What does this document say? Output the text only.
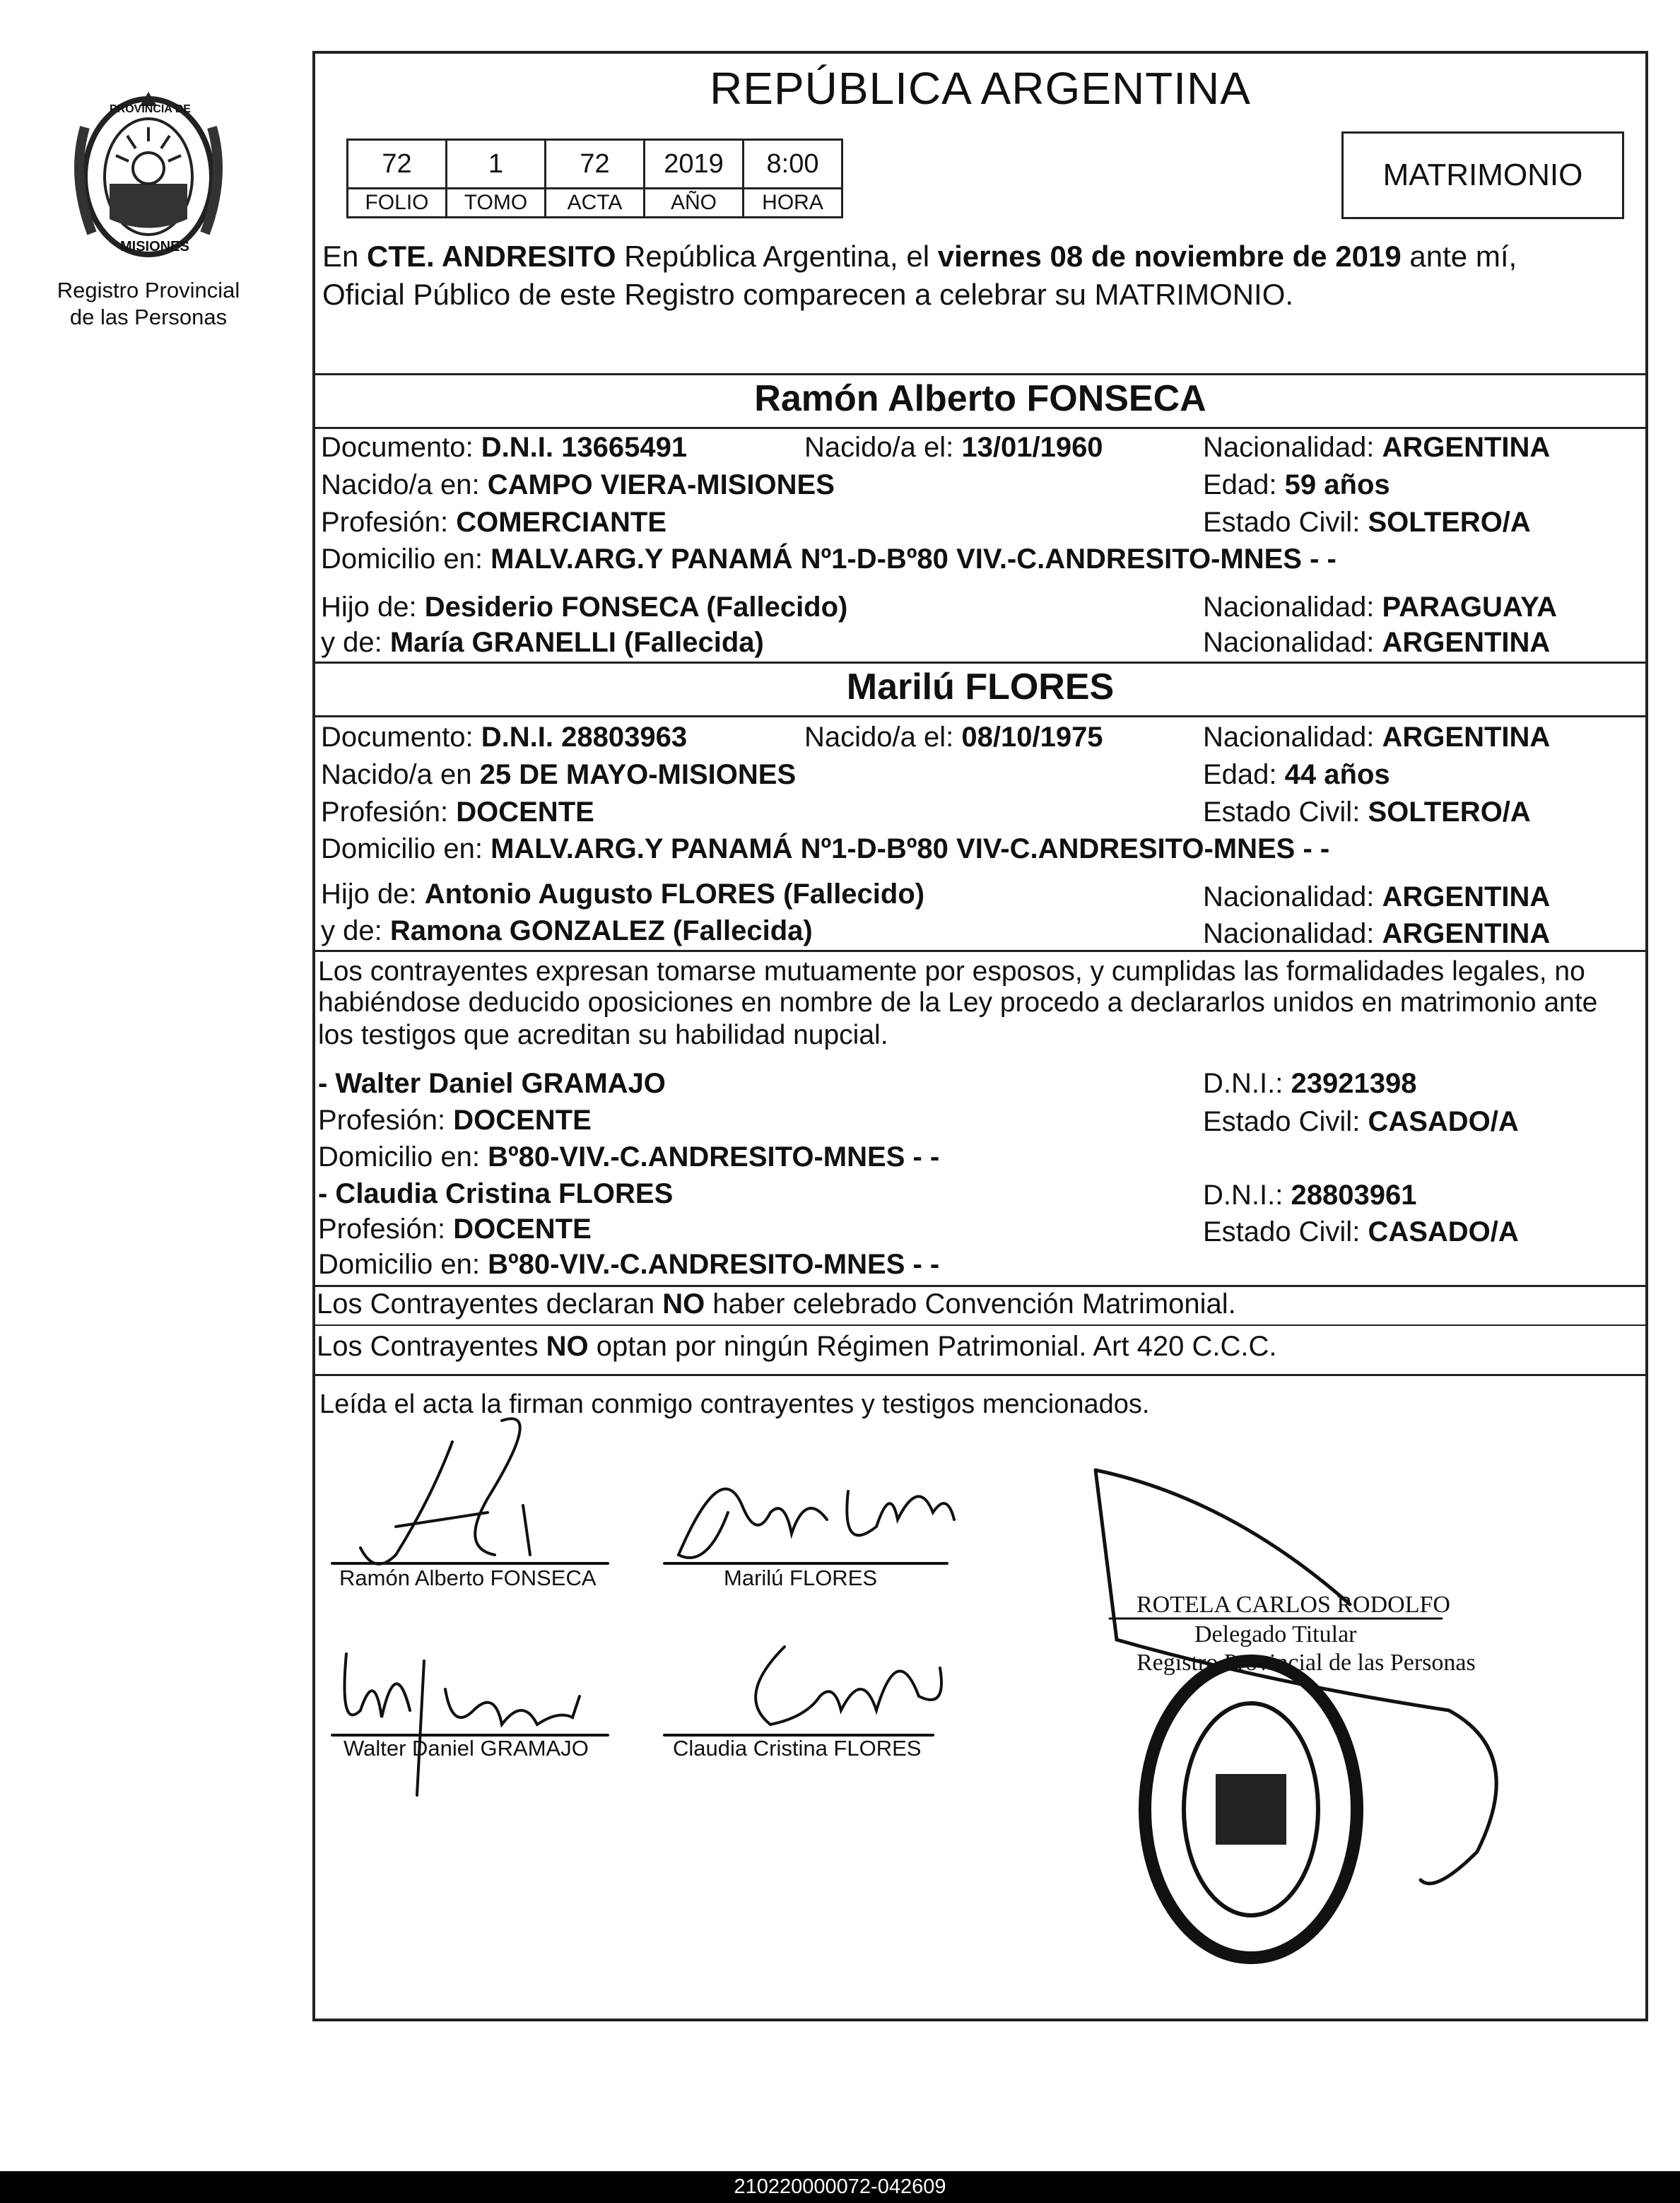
PROVINCIA DE
MISIONES
Registro Provincial
de las Personas
REPÚBLICA ARGENTINA
72	1	72	2019	8:00
FOLIO	TOMO	ACTA	AÑO	HORA
MATRIMONIO
En CTE. ANDRESITO República Argentina, el viernes 08 de noviembre de 2019 ante mí,
Oficial Público de este Registro comparecen a celebrar su MATRIMONIO.
Ramón Alberto FONSECA
Documento: D.N.I. 13665491	Nacido/a el: 13/01/1960	Nacionalidad: ARGENTINA
Nacido/a en: CAMPO VIERA-MISIONES	Edad: 59 años
Profesión: COMERCIANTE	Estado Civil: SOLTERO/A
Domicilio en: MALV.ARG.Y PANAMÁ Nº1-D-Bº80 VIV.-C.ANDRESITO-MNES - -
Hijo de: Desiderio FONSECA (Fallecido)	Nacionalidad: PARAGUAYA
y de: María GRANELLI (Fallecida)	Nacionalidad: ARGENTINA
Marilú FLORES
Documento: D.N.I. 28803963	Nacido/a el: 08/10/1975	Nacionalidad: ARGENTINA
Nacido/a en 25 DE MAYO-MISIONES	Edad: 44 años
Profesión: DOCENTE	Estado Civil: SOLTERO/A
Domicilio en: MALV.ARG.Y PANAMÁ Nº1-D-Bº80 VIV-C.ANDRESITO-MNES - -
Hijo de: Antonio Augusto FLORES (Fallecido)	Nacionalidad: ARGENTINA
y de: Ramona GONZALEZ (Fallecida)	Nacionalidad: ARGENTINA
Los contrayentes expresan tomarse mutuamente por esposos, y cumplidas las formalidades legales, no
habiéndose deducido oposiciones en nombre de la Ley procedo a declararlos unidos en matrimonio ante
los testigos que acreditan su habilidad nupcial.
- Walter Daniel GRAMAJO	D.N.I.: 23921398
Profesión: DOCENTE	Estado Civil: CASADO/A
Domicilio en: Bº80-VIV.-C.ANDRESITO-MNES - -
- Claudia Cristina FLORES	D.N.I.: 28803961
Profesión: DOCENTE	Estado Civil: CASADO/A
Domicilio en: Bº80-VIV.-C.ANDRESITO-MNES - -
Los Contrayentes declaran NO haber celebrado Convención Matrimonial.
Los Contrayentes NO optan por ningún Régimen Patrimonial. Art 420 C.C.C.
Leída el acta la firman conmigo contrayentes y testigos mencionados.
Ramón Alberto FONSECA	Marilú FLORES
Walter Daniel GRAMAJO	Claudia Cristina FLORES
ROTELA CARLOS RODOLFO
Delegado Titular
Registro Provincial de las Personas
210220000072-042609
